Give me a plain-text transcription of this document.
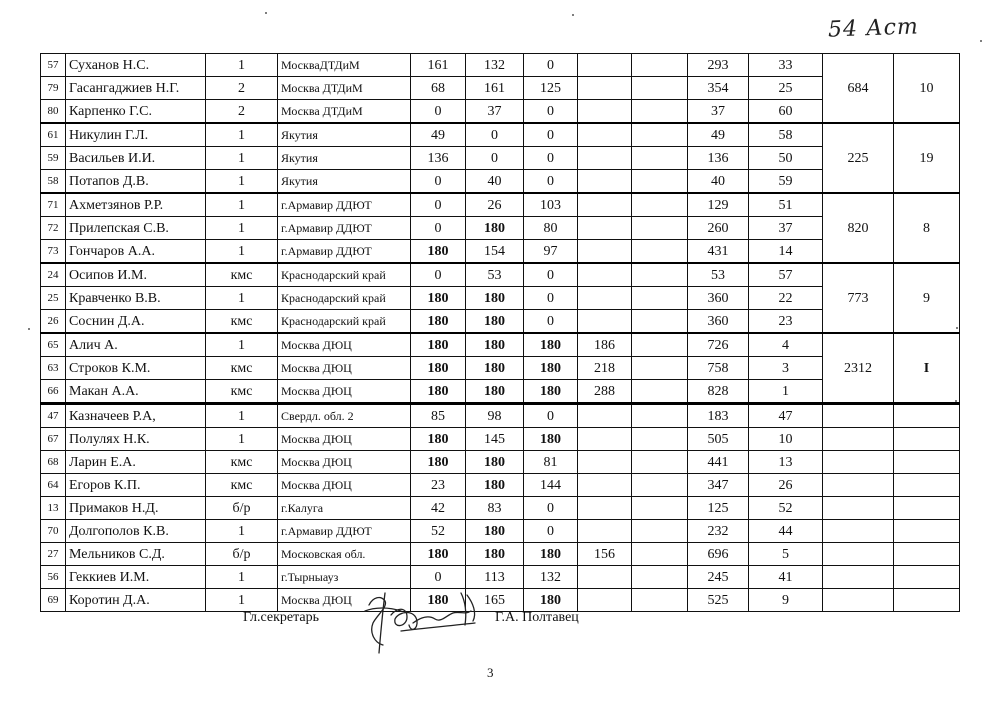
54 Аст
57	Суханов Н.С.	1	МоскваДТДиМ	161	132	0			293	33	684	10
79	Гасангаджиев Н.Г.	2	Москва ДТДиМ	68	161	125			354	25		
80	Карпенко Г.С.	2	Москва ДТДиМ	0	37	0			37	60		
61	Никулин Г.Л.	1	Якутия	49	0	0			49	58	225	19
59	Васильев И.И.	1	Якутия	136	0	0			136	50		
58	Потапов Д.В.	1	Якутия	0	40	0			40	59		
71	Ахметзянов Р.Р.	1	г.Армавир ДДЮТ	0	26	103			129	51	820	8
72	Прилепская С.В.	1	г.Армавир ДДЮТ	0	180	80			260	37		
73	Гончаров А.А.	1	г.Армавир ДДЮТ	180	154	97			431	14		
24	Осипов И.М.	кмс	Краснодарский край	0	53	0			53	57	773	9
25	Кравченко В.В.	1	Краснодарский край	180	180	0			360	22		
26	Соснин Д.А.	кмс	Краснодарский край	180	180	0			360	23		
65	Алич А.	1	Москва ДЮЦ	180	180	180	186		726	4	2312	I
63	Строков К.М.	кмс	Москва ДЮЦ	180	180	180	218		758	3		
66	Макан А.А.	кмс	Москва ДЮЦ	180	180	180	288		828	1		
47	Казначеев Р.А,	1	Свердл. обл. 2	85	98	0			183	47		
67	Полулях Н.К.	1	Москва ДЮЦ	180	145	180			505	10		
68	Ларин Е.А.	кмс	Москва ДЮЦ	180	180	81			441	13		
64	Егоров К.П.	кмс	Москва ДЮЦ	23	180	144			347	26		
13	Примаков Н.Д.	б/р	г.Калуга	42	83	0			125	52		
70	Долгополов К.В.	1	г.Армавир ДДЮТ	52	180	0			232	44		
27	Мельников С.Д.	б/р	Московская обл.	180	180	180	156		696	5		
56	Геккиев И.М.	1	г.Тырныауз	0	113	132			245	41		
69	Коротин Д.А.	1	Москва ДЮЦ	180	165	180			525	9		
Гл.секретарь	Г.А. Полтавец
3
